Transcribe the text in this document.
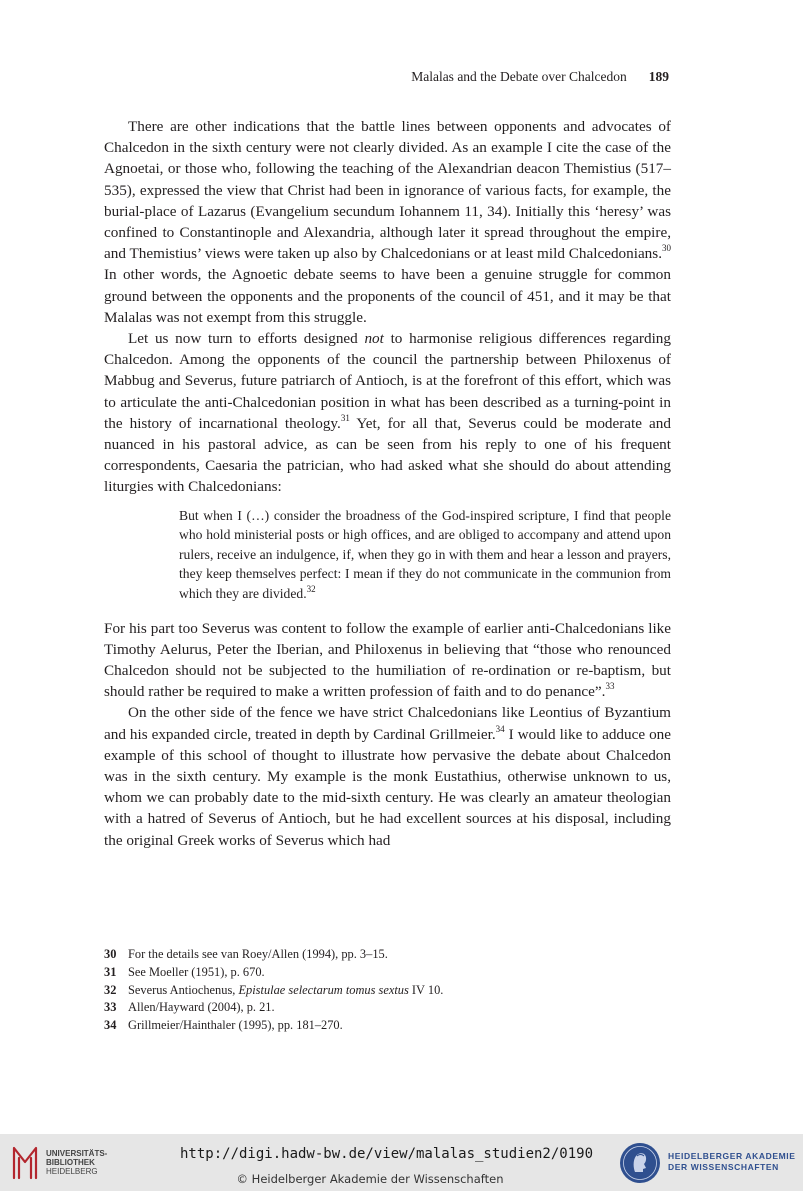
Malalas and the Debate over Chalcedon 189

There are other indications that the battle lines between opponents and advocates of Chalcedon in the sixth century were not clearly divided. As an example I cite the case of the Agnoetai, or those who, following the teaching of the Alexandrian deacon Themistius (517–535), expressed the view that Christ had been in ignorance of various facts, for example, the burial-place of Lazarus (Evangelium secundum Iohannem 11, 34). Initially this ‘heresy’ was confined to Constantinople and Alexandria, although later it spread throughout the empire, and Themistius’ views were taken up also by Chalcedonians or at least mild Chalcedonians.$^{30}$ In other words, the Agnoetic debate seems to have been a genuine struggle for common ground between the opponents and the proponents of the council of 451, and it may be that Malalas was not exempt from this struggle.

Let us now turn to efforts designed not to harmonise religious differences regarding Chalcedon. Among the opponents of the council the partnership between Philoxenus of Mabbug and Severus, future patriarch of Antioch, is at the forefront of this effort, which was to articulate the anti-Chalcedonian position in what has been described as a turning-point in the history of incarnational theology.$^{31}$ Yet, for all that, Severus could be moderate and nuanced in his pastoral advice, as can be seen from his reply to one of his frequent correspondents, Caesaria the patrician, who had asked what she should do about attending liturgies with Chalcedonians:

But when I (…) consider the broadness of the God-inspired scripture, I find that people who hold ministerial posts or high offices, and are obliged to accompany and attend upon rulers, receive an indulgence, if, when they go in with them and hear a lesson and prayers, they keep themselves perfect: I mean if they do not communicate in the communion from which they are divided.$^{32}$

For his part too Severus was content to follow the example of earlier anti-Chalcedonians like Timothy Aelurus, Peter the Iberian, and Philoxenus in believing that “those who renounced Chalcedon should not be subjected to the humiliation of re-ordination or re-baptism, but should rather be required to make a written profession of faith and to do penance”.$^{33}$

On the other side of the fence we have strict Chalcedonians like Leontius of Byzantium and his expanded circle, treated in depth by Cardinal Grillmeier.$^{34}$ I would like to adduce one example of this school of thought to illustrate how pervasive the debate about Chalcedon was in the sixth century. My example is the monk Eustathius, otherwise unknown to us, whom we can probably date to the mid-sixth century. He was clearly an amateur theologian with a hatred of Severus of Antioch, but he had excellent sources at his disposal, including the original Greek works of Severus which had

30 For the details see van Roey/Allen (1994), pp. 3–15.
31 See Moeller (1951), p. 670.
32 Severus Antiochenus, Epistulae selectarum tomus sextus IV 10.
33 Allen/Hayward (2004), p. 21.
34 Grillmeier/Hainthaler (1995), pp. 181–270.
UNIVERSITÄTS-
BIBLIOTHEK
HEIDELBERG
http://digi.hadw-bw.de/view/malalas_studien2/0190
© Heidelberger Akademie der Wissenschaften
HEIDELBERGER AKADEMIE
DER WISSENSCHAFTEN
